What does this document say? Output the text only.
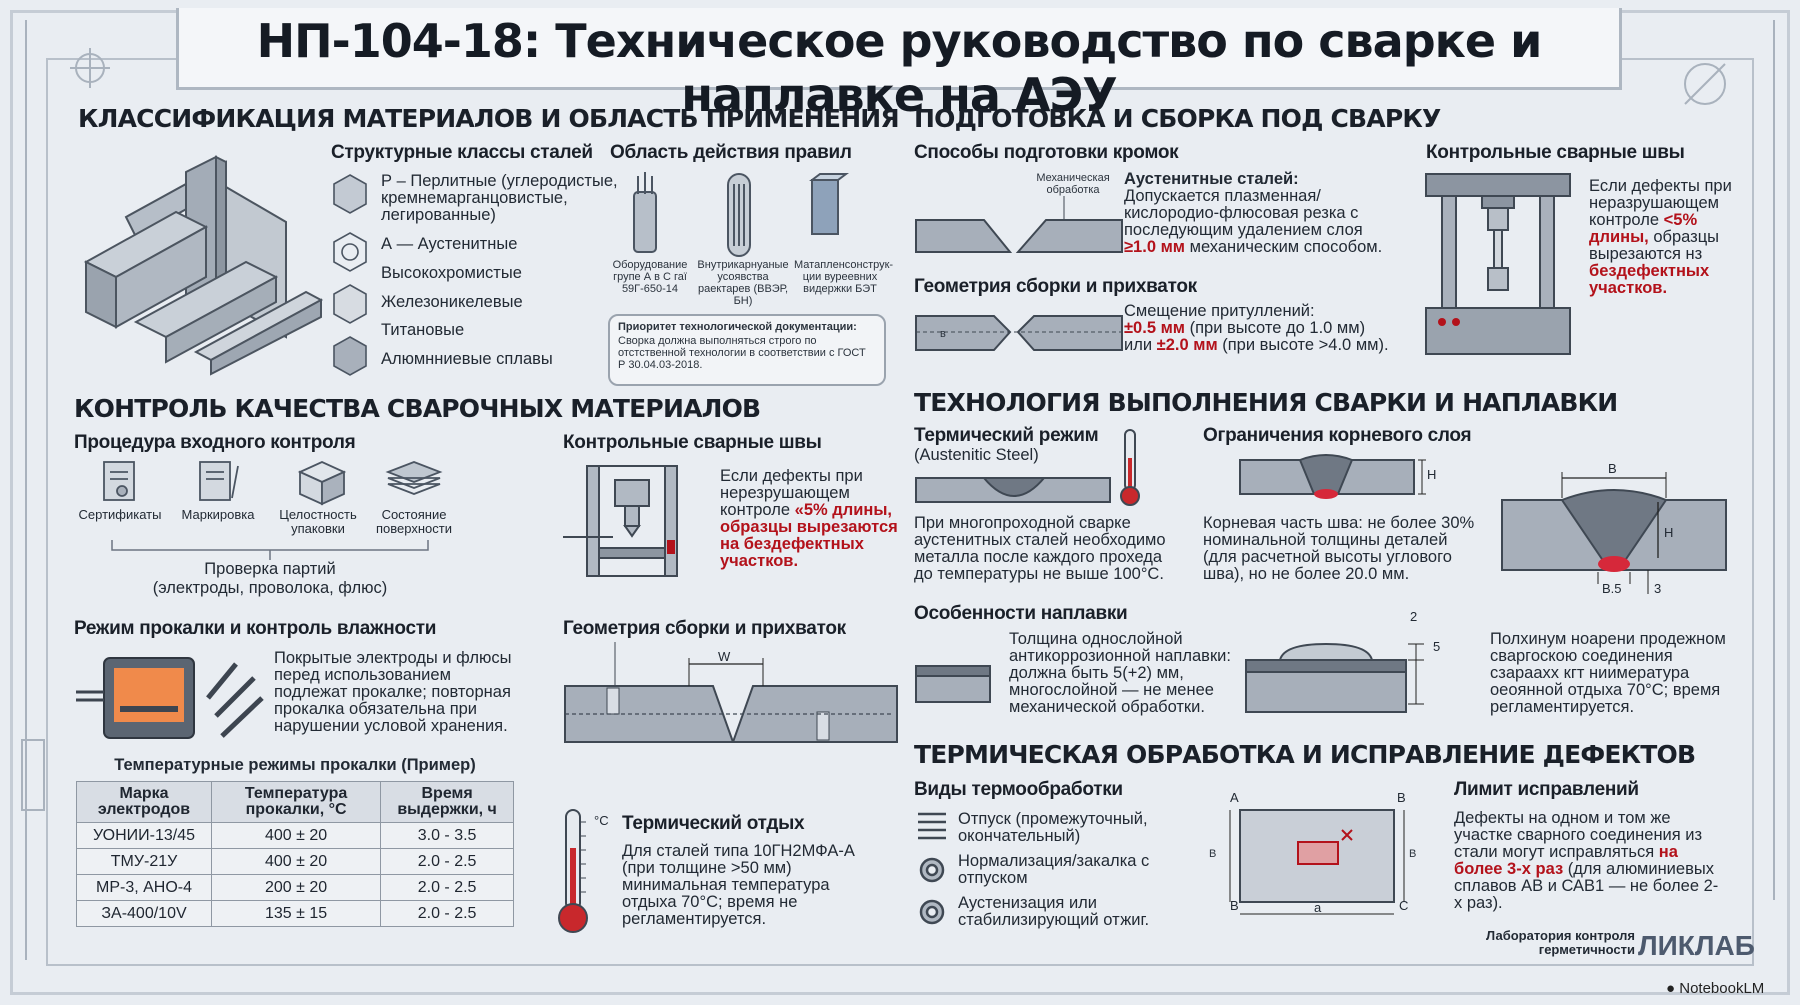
НП-104-18: Техническое руководство по сварке и наплавке на АЭУ
КЛАССИФИКАЦИЯ МАТЕРИАЛОВ И ОБЛАСТЬ ПРИМЕНЕНИЯ
Структурные классы сталей
Р – Перлитные (углеродистые, кремнемарганцовистые, легированные)
А — Аустенитные
Высокохромистые
Железоникелевые
Титановые
Алюмнниевые сплавы
Область действия правил
Оборудование групе А в С гаї 59Г-650-14
Внутрикарнуаные усоявства раектарев (ВВЭР, БН)
Матапленсонструк-ции вуреевниx видержки БЭТ
Приоритет технологической документации:
Сворка должна выполняться строго по отстственной технологии в соответствии с ГОСТ Р 30.04.03-2018.
КОНТРОЛЬ КАЧЕСТВА СВАРОЧНЫХ МАТЕРИАЛОВ
Процедура входного контроля
Сертификаты	Маркировка	Целостность упаковки
Состояние поверхности
Проверка партий
(электроды, проволока, флюс)
Режим прокалки и контроль влажности
Покрытые электроды и флюсы перед использованием подлежат прокалке; повторная прокалка обязательна при нарушении условой хранения.
Температурные режимы прокалки (Пример)
Марка электродов	Температура прокалки, °С	Время выдержки, ч
УОНИИ-13/45	400 ± 20	3.0 - 3.5
ТМУ-21У	400 ± 20	2.0 - 2.5
МР-3, АНО-4	200 ± 20	2.0 - 2.5
ЗА-400/10V	135 ± 15	2.0 - 2.5
Контрольные сварные швы
Если дефекты при нерезрушающем контроле «5% длины, образцы вырезаются на бездефектных участков.
Геометрия сборки и прихваток
W
°С Термический отдых
Для сталей типа 10ГН2МФА-А (при толщине >50 мм) минимальная температура отдыха 70°С; время не регламентируется.
ПОДГОТОВКА И СБОРКА ПОД СВАРКУ
Способы подготовки кромок
Механическая обработка
Аустенитные сталей:
Допускается плазменная/ кислородио-флюсовая резка с последующим удалением слоя
≥1.0 мм механическим способом.
Геометрия сборки и прихваток
в
Смещение притуллений:
±0.5 мм (при высоте до 1.0 мм)
или ±2.0 мм (при высоте >4.0 мм).
Контрольные сварные швы
Если дефекты при неразрушающем контроле <5% длины, образцы вырезаются нз бездефектных участков.
ТЕХНОЛОГИЯ ВЫПОЛНЕНИЯ СВАРКИ И НАПЛАВКИ
Термический режим
(Austenitic Steel)
При многопроходной сварке аустенитных сталей необходимо металла после каждого прохеда до температуры не выше 100°С.
Ограничения корневого слоя
Н
Корневая часть шва: не более 30% номинальной толщины деталей (для расчетной высоты углового шва), но не более 20.0 мм.
В
Н
В.5 3
Особенности наплавки
Толщина однослойной антикоррозионной наплавки: должна быть 5(+2) мм, многослойной — не менее механической обработки.
2
5	Полхинум ноарени продежном сваргоскою соединения сзараахх кгт ниимература оеоянной отдыха 70°С; время регламентируется.
ТЕРМИЧЕСКАЯ ОБРАБОТКА И ИСПРАВЛЕНИЕ ДЕФЕКТОВ
Виды термообработки
Отпуск (промежуточный, окончательный)
Нормализация/закалка с отпуском
Аустенизация или стабилизирующий отжиг.
А	В
В	В
В	С
а
Лимит исправлений
Дефекты на одном и том же участке сварного соединения из стали могут исправляться на более 3-х раз (для алюминиевых сплавов АВ и САВ1 — не более 2-х раз).
Лаборатория контроля
герметичности ЛИКЛАБ
● NotebookLM
